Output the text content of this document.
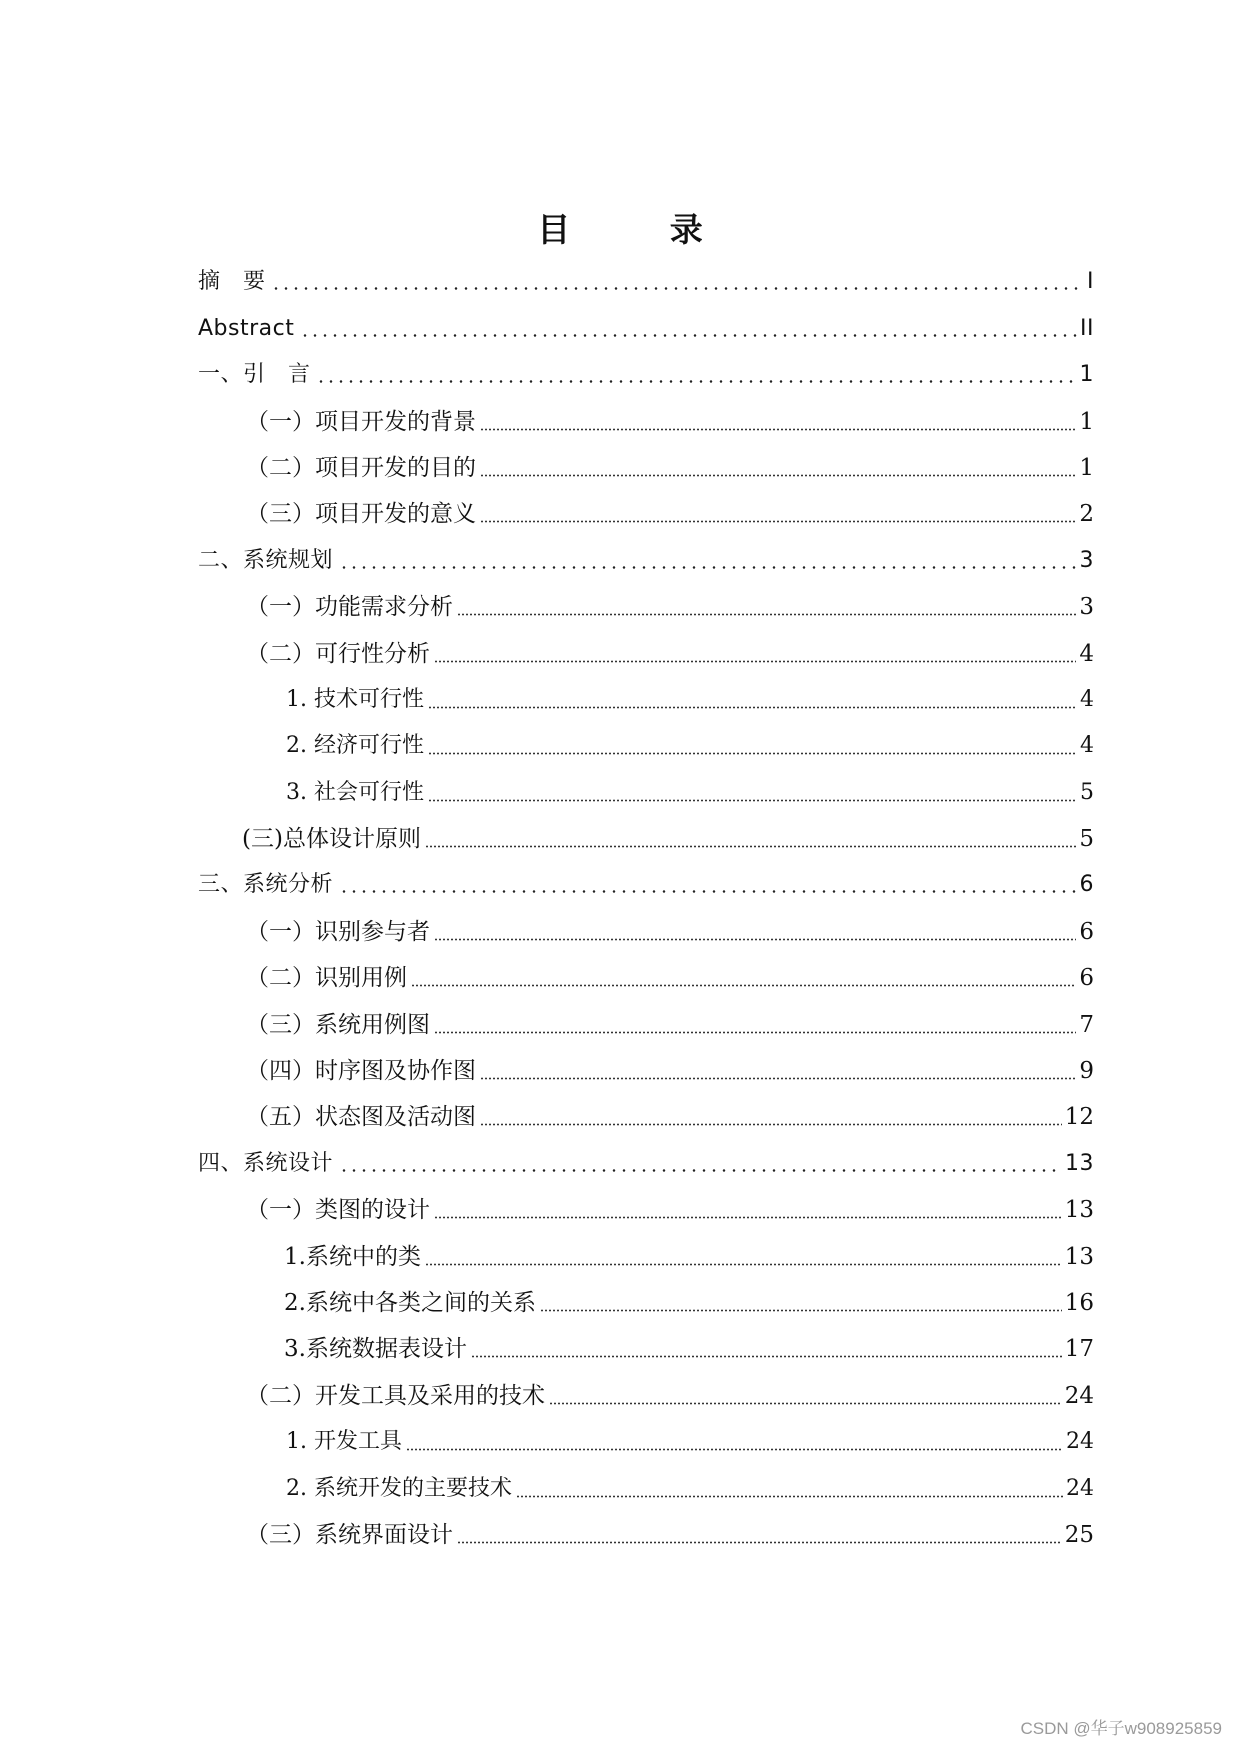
目 录
摘   要	I
Abstract	II
一、引   言	1
（一）项目开发的背景	1
（二）项目开发的目的	1
（三）项目开发的意义	2
二、系统规划	3
（一）功能需求分析	3
（二）可行性分析	4
1. 技术可行性	4
2. 经济可行性	4
3. 社会可行性	5
(三)总体设计原则	5
三、系统分析	6
（一）识别参与者	6
（二）识别用例	6
（三）系统用例图	7
（四）时序图及协作图	9
（五）状态图及活动图	12
四、系统设计	13
（一）类图的设计	13
1.系统中的类	13
2.系统中各类之间的关系	16
3.系统数据表设计	17
（二）开发工具及采用的技术	24
1. 开发工具	24
2. 系统开发的主要技术	24
（三）系统界面设计	25
CSDN @华子w908925859
